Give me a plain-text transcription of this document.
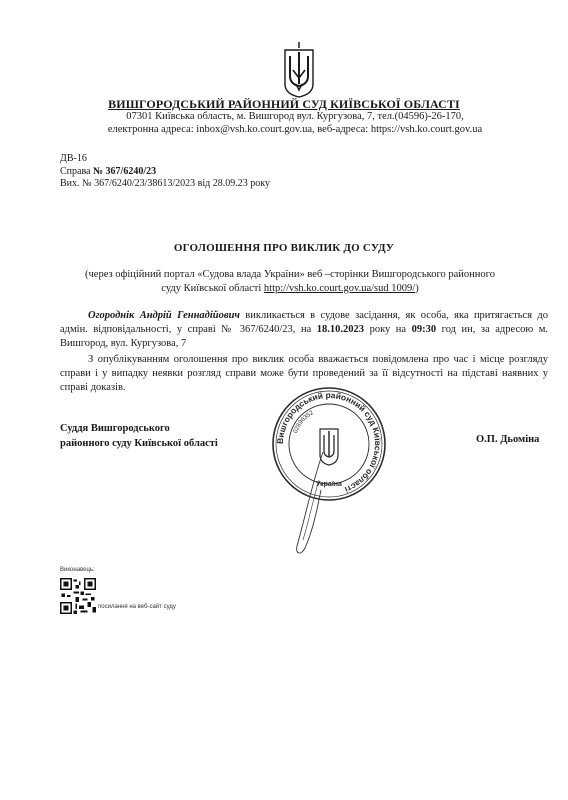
ВИШГОРОДСЬКИЙ РАЙОННИЙ СУД КИЇВСЬКОЇ ОБЛАСТІ
07301 Київська область, м. Вишгород вул. Кургузова, 7, тел.(04596)-26-170,
електронна адреса: inbox@vsh.ko.court.gov.ua, веб-адреса: https://vsh.ko.court.gov.ua
ДВ-16
Справа № 367/6240/23
Вих. № 367/6240/23/38613/2023 від 28.09.23 року
ОГОЛОШЕННЯ ПРО ВИКЛИК ДО СУДУ
(через офіційний портал «Судова влада України» веб –сторінки Вишгородського районного суду Київської області http://vsh.ko.court.gov.ua/sud 1009/)
Огороднік Андрій Геннадійович викликається в судове засідання, як особа, яка притягається до адмін. відповідальності, у справі № 367/6240/23, на 18.10.2023 року на 09:30 год ин, за адресою м. Вишгород, вул. Кургузова, 7
З опублікуванням оголошення про виклик особа вважається повідомлена про час і місце розгляду справи і у випадку неявки розгляд справи може бути проведений за її відсутності на підставі наявних у справі доказів.
Вишгородський районний суд Київської області
02896352
Україна
Суддя Вишгородського
районного суду Київської області	О.П. Дьоміна
Виконавець:
посилання на веб-сайт суду
